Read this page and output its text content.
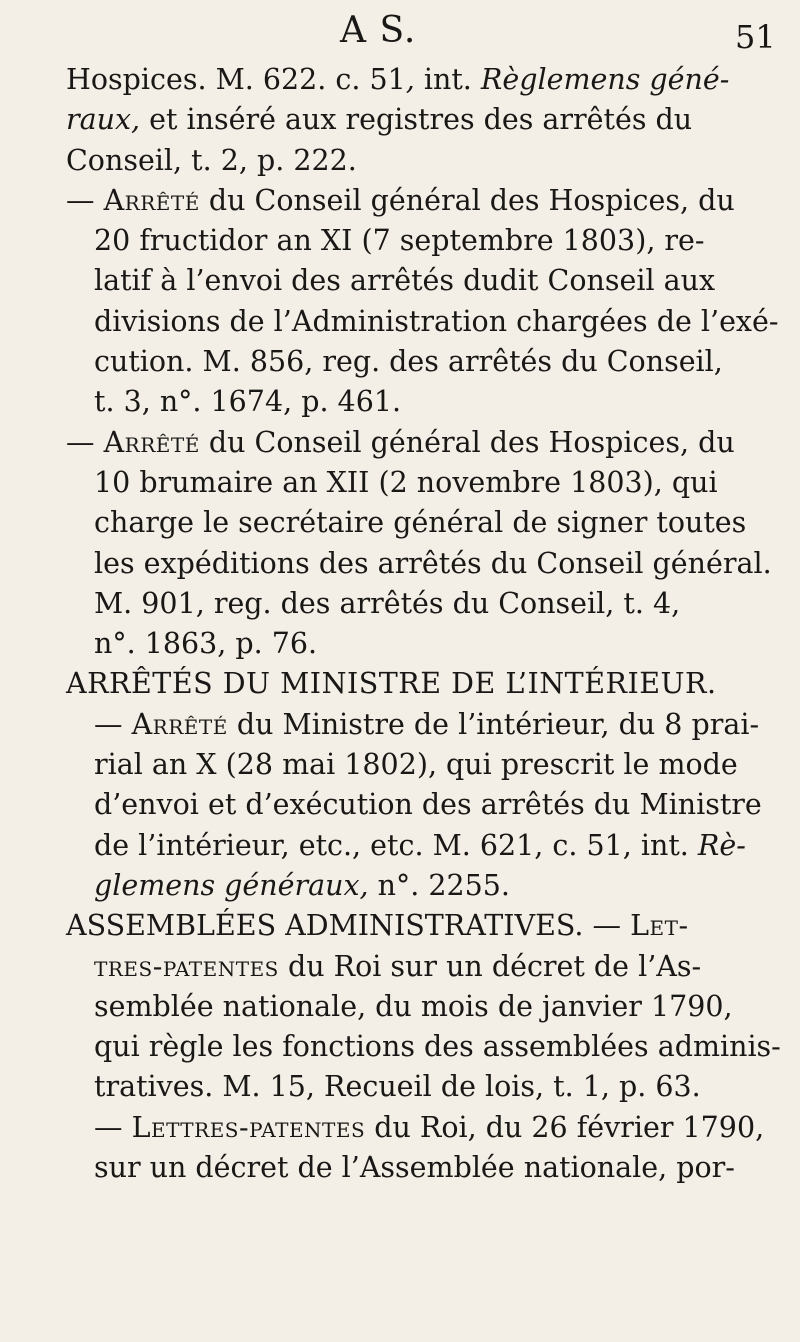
A S.	51
Hospices. M. 622. c. 51, int. Règlemens géné-
raux, et inséré aux registres des arrêtés du
Conseil, t. 2, p. 222.
— Arrêté du Conseil général des Hospices, du
20 fructidor an XI (7 septembre 1803), re-
latif à l’envoi des arrêtés dudit Conseil aux
divisions de l’Administration chargées de l’exé-
cution. M. 856, reg. des arrêtés du Conseil,
t. 3, n°. 1674, p. 461.
— Arrêté du Conseil général des Hospices, du
10 brumaire an XII (2 novembre 1803), qui
charge le secrétaire général de signer toutes
les expéditions des arrêtés du Conseil général.
M. 901, reg. des arrêtés du Conseil, t. 4,
n°. 1863, p. 76.
ARRÊTÉS DU MINISTRE DE L’INTÉRIEUR.
— Arrêté du Ministre de l’intérieur, du 8 prai-
rial an X (28 mai 1802), qui prescrit le mode
d’envoi et d’exécution des arrêtés du Ministre
de l’intérieur, etc., etc. M. 621, c. 51, int. Rè-
glemens généraux, n°. 2255.
ASSEMBLÉES ADMINISTRATIVES. — Let-
tres-patentes du Roi sur un décret de l’As-
semblée nationale, du mois de janvier 1790,
qui règle les fonctions des assemblées adminis-
tratives. M. 15, Recueil de lois, t. 1, p. 63.
— Lettres-patentes du Roi, du 26 février 1790,
sur un décret de l’Assemblée nationale, por-
